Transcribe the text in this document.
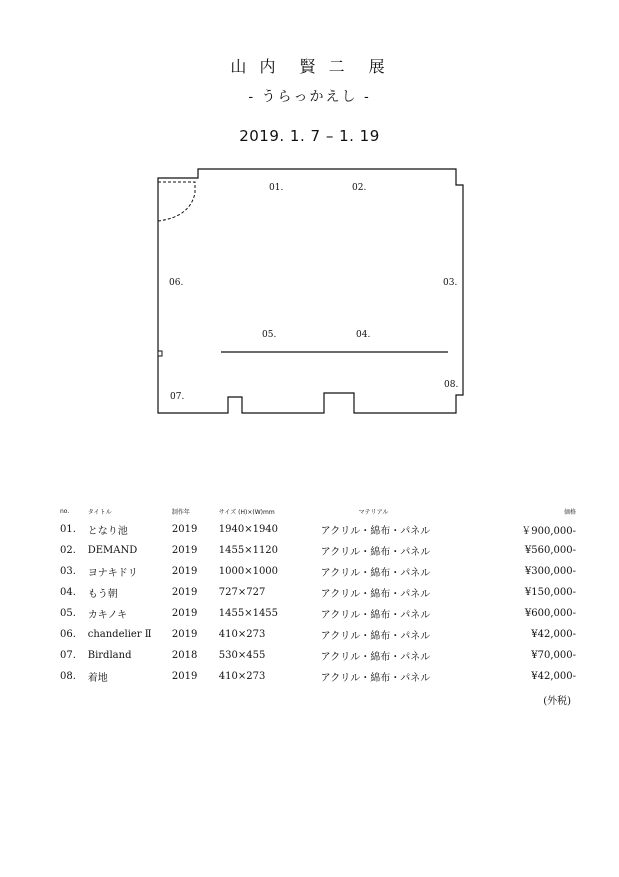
山 内　賢 二　展
- うらっかえし -
2019. 1. 7 – 1. 19
01.	02.
03.
04.
05.
06.
07.
08.
no.	タイトル	制作年	サイズ (H)×(W)mm	マテリアル	価格
01.	となり池	2019	1940×1940	アクリル・綿布・パネル	￥900,000-
02.	DEMAND	2019	1455×1120	アクリル・綿布・パネル	¥560,000-
03.	ヨナキドリ	2019	1000×1000	アクリル・綿布・パネル	¥300,000-
04.	もう朝	2019	727×727	アクリル・綿布・パネル	¥150,000-
05.	カキノキ	2019	1455×1455	アクリル・綿布・パネル	¥600,000-
06.	chandelier Ⅱ	2019	410×273	アクリル・綿布・パネル	¥42,000-
07.	Birdland	2018	530×455	アクリル・綿布・パネル	¥70,000-
08.	着地	2019	410×273	アクリル・綿布・パネル	¥42,000-
(外税)
